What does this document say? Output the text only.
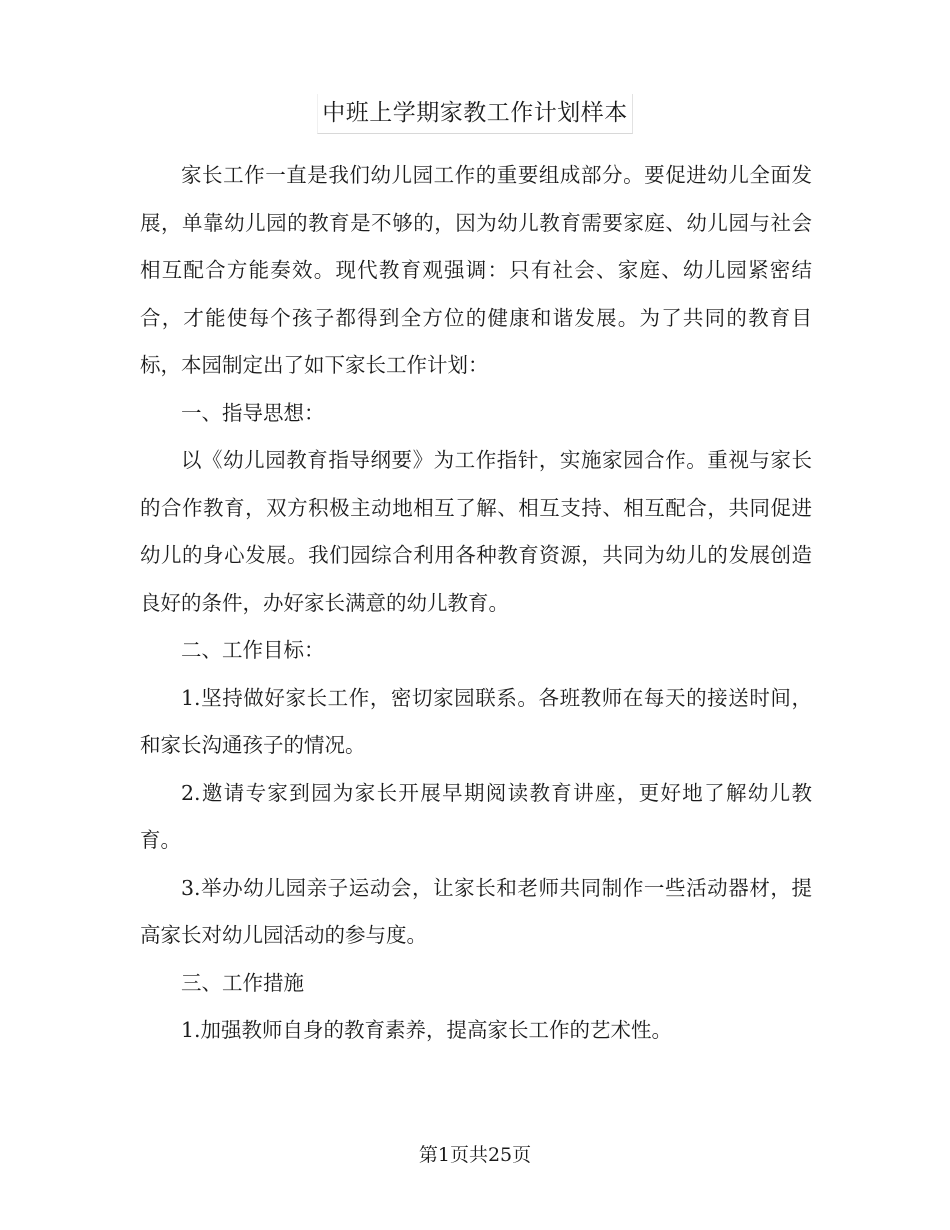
中班上学期家教工作计划样本

家长工作一直是我们幼儿园工作的重要组成部分。要促进幼儿全面发展，单靠幼儿园的教育是不够的，因为幼儿教育需要家庭、幼儿园与社会相互配合方能奏效。现代教育观强调：只有社会、家庭、幼儿园紧密结合，才能使每个孩子都得到全方位的健康和谐发展。为了共同的教育目标，本园制定出了如下家长工作计划：

一、指导思想：

以《幼儿园教育指导纲要》为工作指针，实施家园合作。重视与家长的合作教育，双方积极主动地相互了解、相互支持、相互配合，共同促进幼儿的身心发展。我们园综合利用各种教育资源，共同为幼儿的发展创造良好的条件，办好家长满意的幼儿教育。

二、工作目标：

1.坚持做好家长工作，密切家园联系。各班教师在每天的接送时间，和家长沟通孩子的情况。

2.邀请专家到园为家长开展早期阅读教育讲座，更好地了解幼儿教育。

3.举办幼儿园亲子运动会，让家长和老师共同制作一些活动器材，提高家长对幼儿园活动的参与度。

三、工作措施

1.加强教师自身的教育素养，提高家长工作的艺术性。

第1页共25页
